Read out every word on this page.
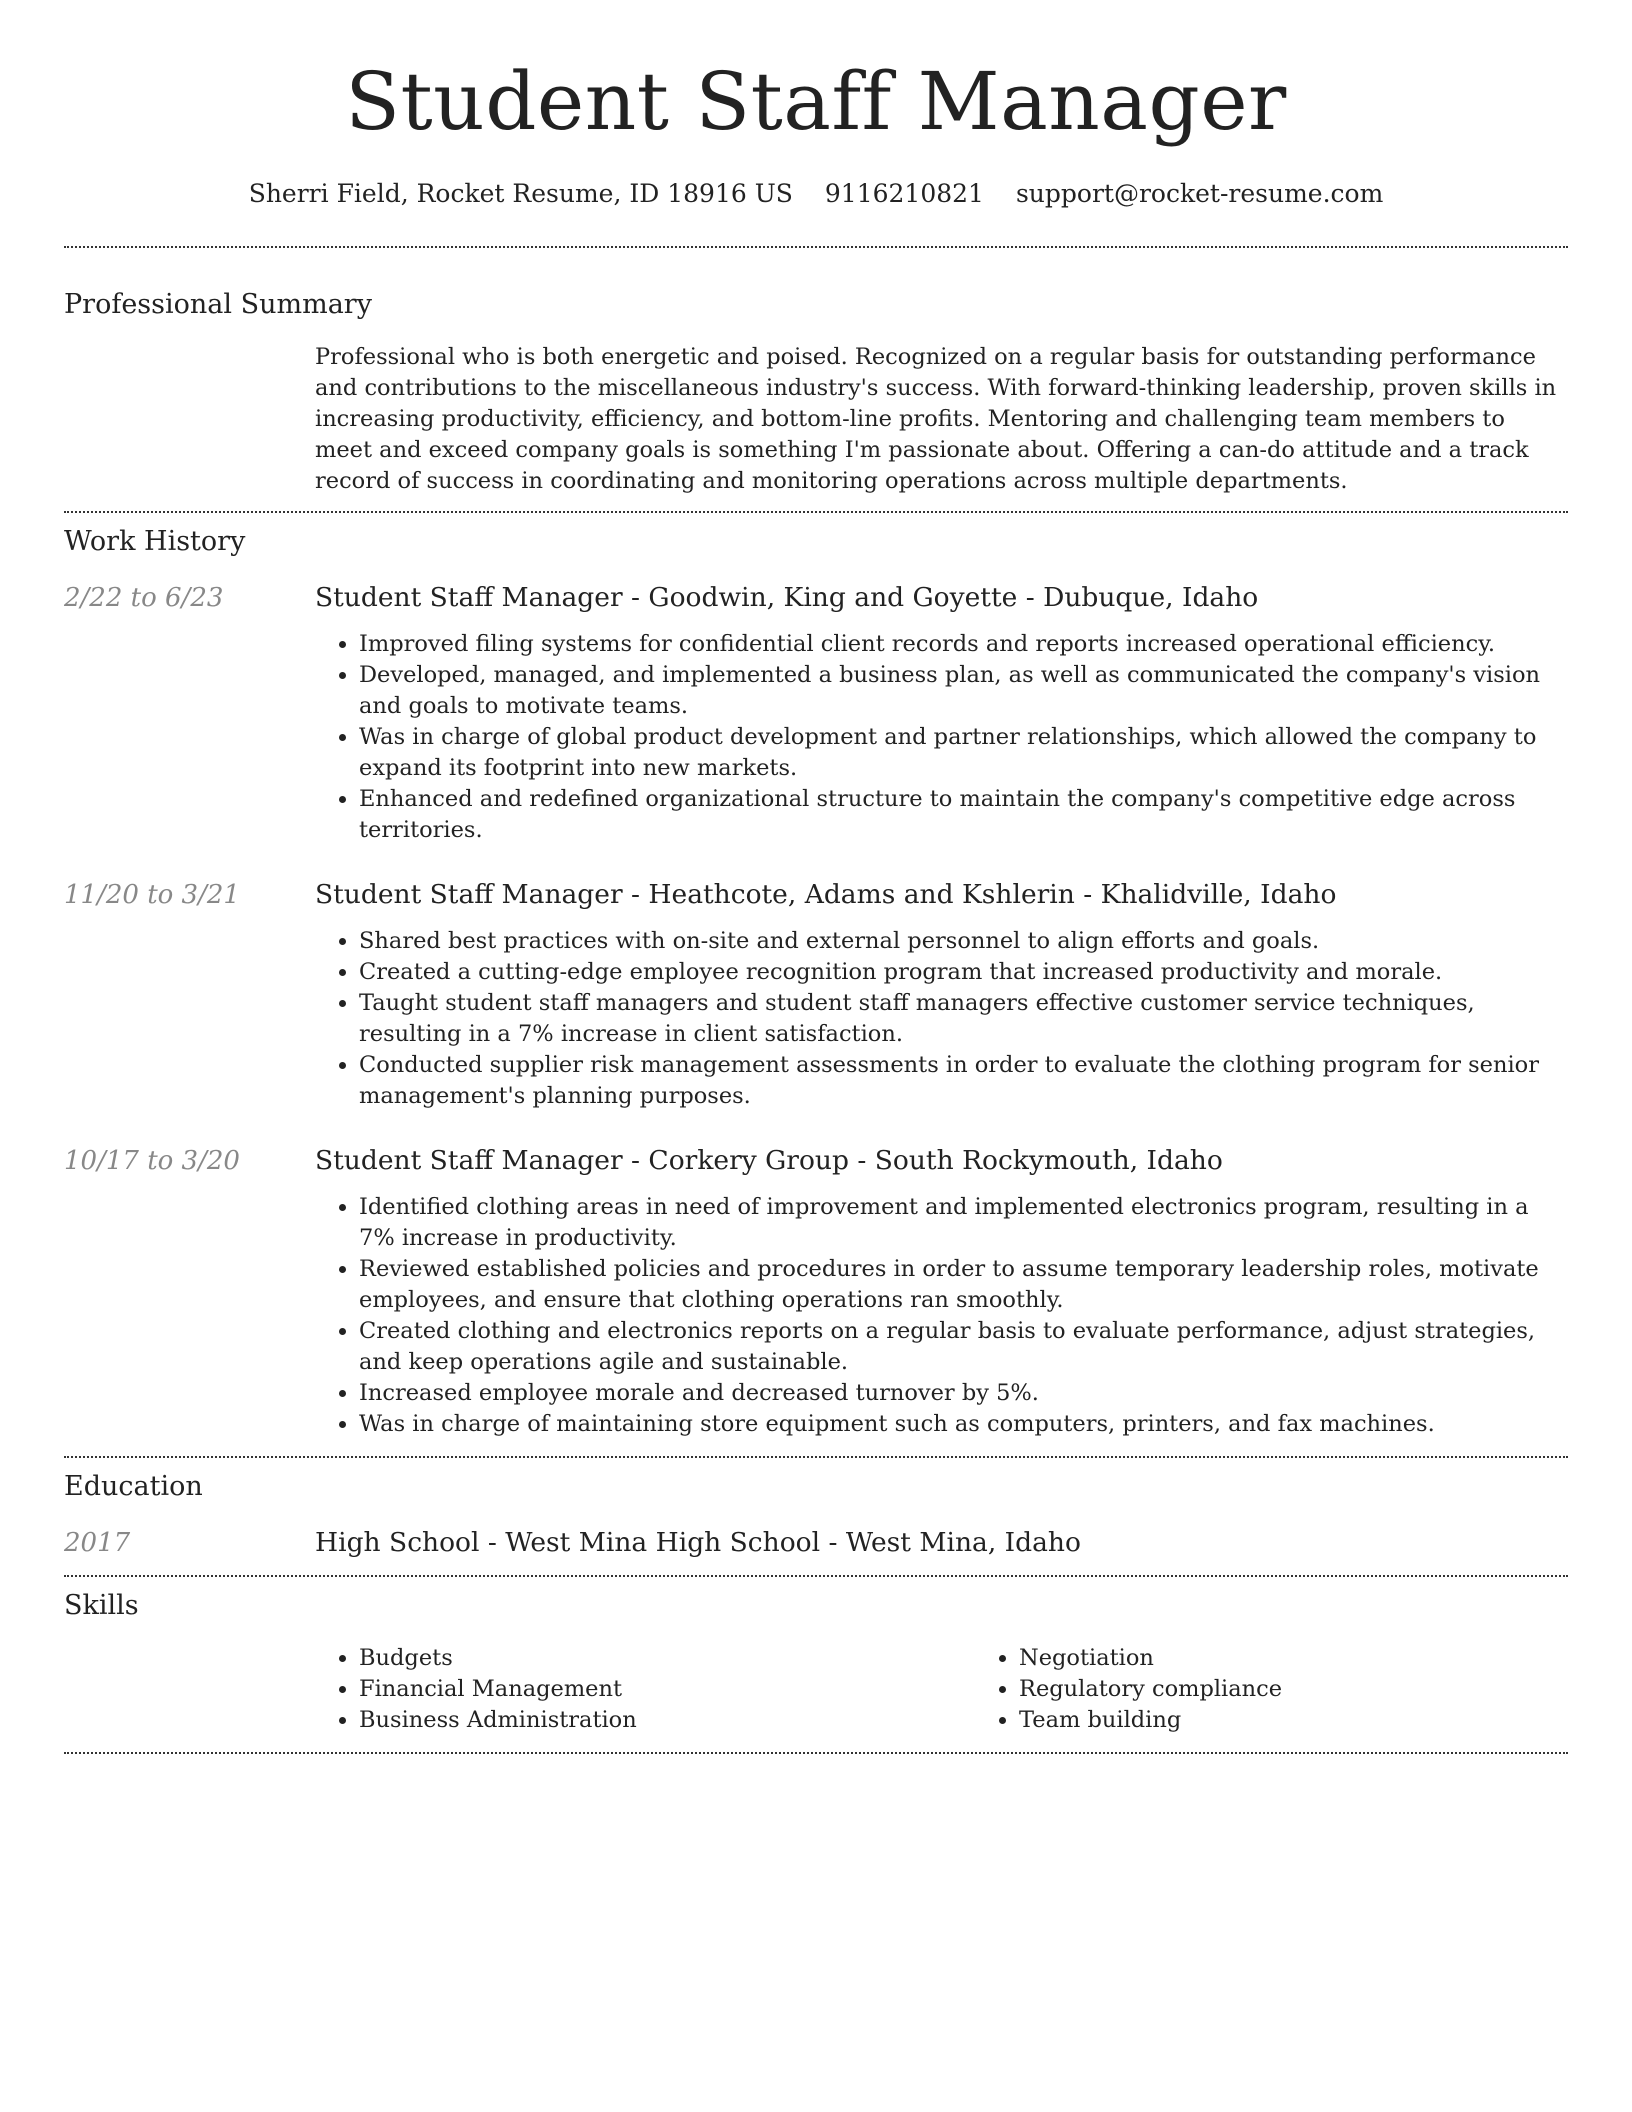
Student Staff Manager
Sherri Field, Rocket Resume, ID 18916 US 9116210821 support@rocket-resume.com
Professional Summary

Professional who is both energetic and poised. Recognized on a regular basis for outstanding performance and contributions to the miscellaneous industry's success. With forward-thinking leadership, proven skills in increasing productivity, efficiency, and bottom-line profits. Mentoring and challenging team members to meet and exceed company goals is something I'm passionate about. Offering a can-do attitude and a track record of success in coordinating and monitoring operations across multiple departments.

Work History
2/22 to 6/23	Student Staff Manager - Goodwin, King and Goyette - Dubuque, Idaho
• Improved filing systems for confidential client records and reports increased operational efficiency.
• Developed, managed, and implemented a business plan, as well as communicated the company's vision and goals to motivate teams.
• Was in charge of global product development and partner relationships, which allowed the company to expand its footprint into new markets.
• Enhanced and redefined organizational structure to maintain the company's competitive edge across territories.
11/20 to 3/21	Student Staff Manager - Heathcote, Adams and Kshlerin - Khalidville, Idaho
• Shared best practices with on-site and external personnel to align efforts and goals.
• Created a cutting-edge employee recognition program that increased productivity and morale.
• Taught student staff managers and student staff managers effective customer service techniques, resulting in a 7% increase in client satisfaction.
• Conducted supplier risk management assessments in order to evaluate the clothing program for senior management's planning purposes.
10/17 to 3/20	Student Staff Manager - Corkery Group - South Rockymouth, Idaho
• Identified clothing areas in need of improvement and implemented electronics program, resulting in a 7% increase in productivity.
• Reviewed established policies and procedures in order to assume temporary leadership roles, motivate employees, and ensure that clothing operations ran smoothly.
• Created clothing and electronics reports on a regular basis to evaluate performance, adjust strategies, and keep operations agile and sustainable.
• Increased employee morale and decreased turnover by 5%.
• Was in charge of maintaining store equipment such as computers, printers, and fax machines.
Education
2017	High School - West Mina High School - West Mina, Idaho
Skills
• Budgets
• Financial Management
• Business Administration
• Negotiation
• Regulatory compliance
• Team building
